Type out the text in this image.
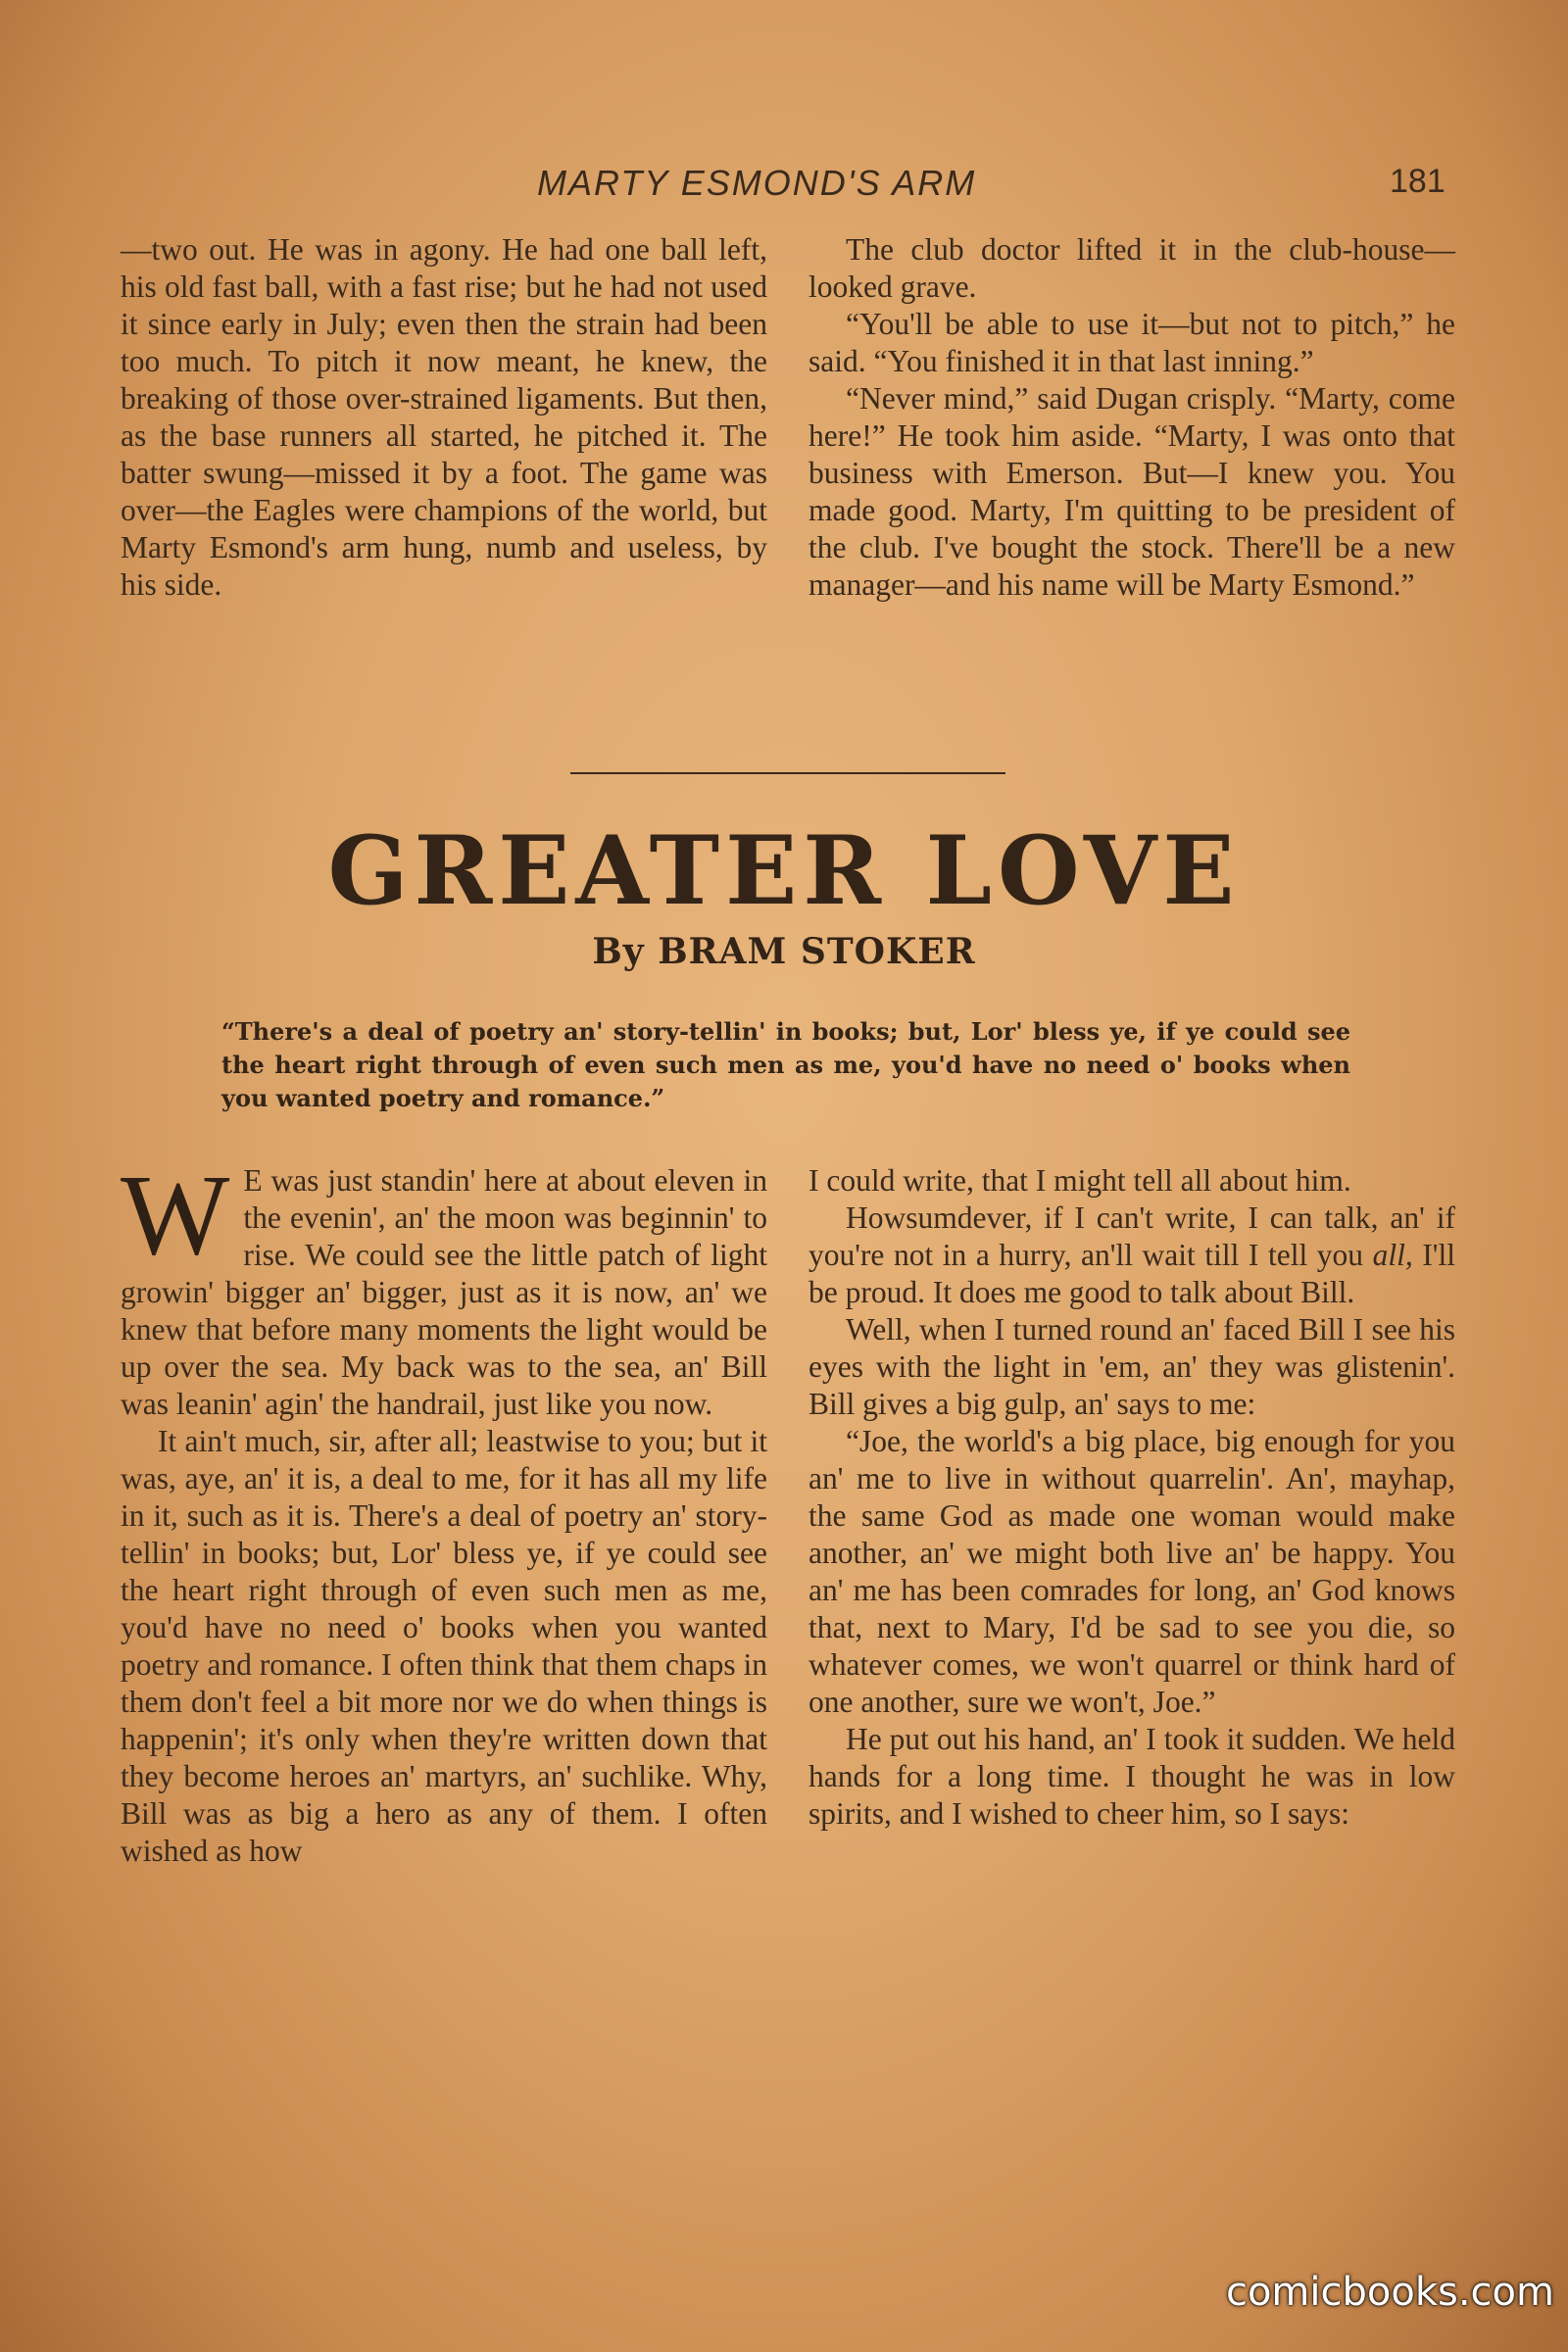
MARTY ESMOND'S ARM	181

—two out. He was in agony. He had one ball left, his old fast ball, with a fast rise; but he had not used it since early in July; even then the strain had been too much. To pitch it now meant, he knew, the breaking of those over-strained ligaments. But then, as the base runners all started, he pitched it. The batter swung—missed it by a foot. The game was over—the Eagles were champions of the world, but Marty Esmond's arm hung, numb and useless, by his side.

The club doctor lifted it in the club-house—looked grave.

“You'll be able to use it—but not to pitch,” he said. “You finished it in that last inning.”

“Never mind,” said Dugan crisply. “Marty, come here!” He took him aside. “Marty, I was onto that business with Emerson. But—I knew you. You made good. Marty, I'm quitting to be president of the club. I've bought the stock. There'll be a new manager—and his name will be Marty Esmond.”

GREATER LOVE
By BRAM STOKER
“There's a deal of poetry an' story-tellin' in books; but, Lor' bless ye, if ye could see the heart right through of even such men as me, you'd have no need o' books when you wanted poetry and romance.”

W E was just standin' here at about eleven in the evenin', an' the moon was beginnin' to rise. We could see the little patch of light growin' bigger an' bigger, just as it is now, an' we knew that before many moments the light would be up over the sea. My back was to the sea, an' Bill was leanin' agin' the handrail, just like you now.

It ain't much, sir, after all; leastwise to you; but it was, aye, an' it is, a deal to me, for it has all my life in it, such as it is. There's a deal of poetry an' story-tellin' in books; but, Lor' bless ye, if ye could see the heart right through of even such men as me, you'd have no need o' books when you wanted poetry and romance. I often think that them chaps in them don't feel a bit more nor we do when things is happenin'; it's only when they're written down that they become heroes an' martyrs, an' suchlike. Why, Bill was as big a hero as any of them. I often wished as how

I could write, that I might tell all about him.

Howsumdever, if I can't write, I can talk, an' if you're not in a hurry, an'll wait till I tell you all, I'll be proud. It does me good to talk about Bill.

Well, when I turned round an' faced Bill I see his eyes with the light in 'em, an' they was glistenin'. Bill gives a big gulp, an' says to me:

“Joe, the world's a big place, big enough for you an' me to live in without quarrelin'. An', mayhap, the same God as made one woman would make another, an' we might both live an' be happy. You an' me has been comrades for long, an' God knows that, next to Mary, I'd be sad to see you die, so whatever comes, we won't quarrel or think hard of one another, sure we won't, Joe.”

He put out his hand, an' I took it sudden. We held hands for a long time. I thought he was in low spirits, and I wished to cheer him, so I says:

comicbooks.com
